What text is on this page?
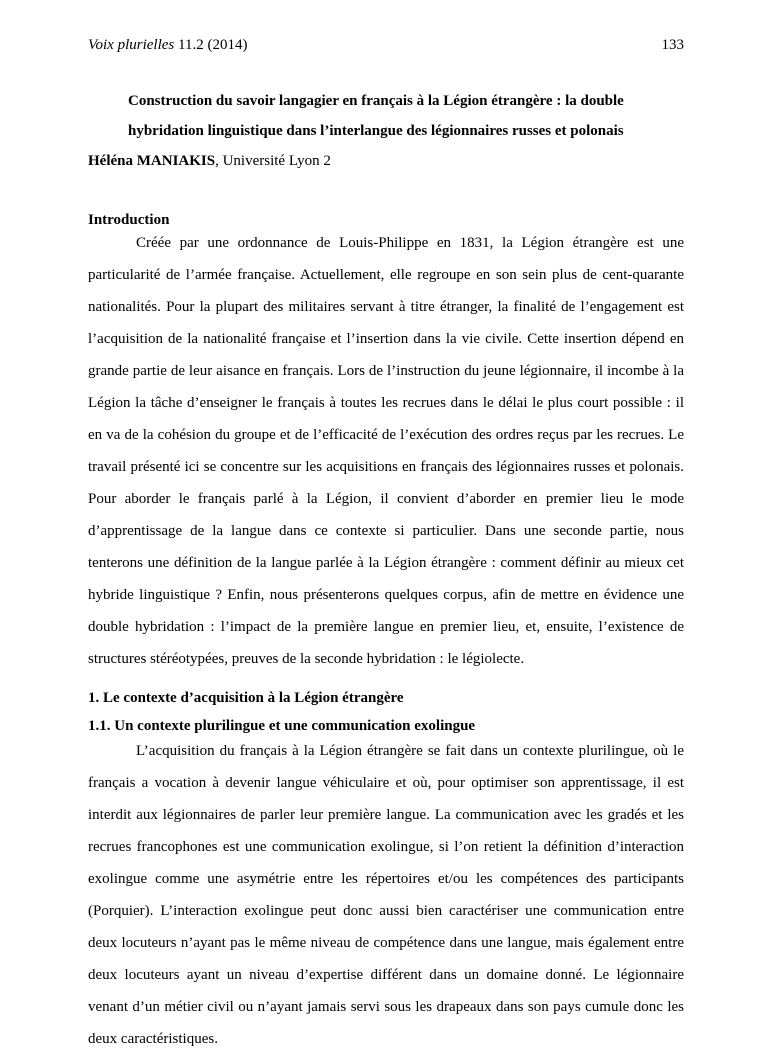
Voix plurielles 11.2 (2014)	133
Construction du savoir langagier en français à la Légion étrangère : la double hybridation linguistique dans l’interlangue des légionnaires russes et polonais
Héléna MANIAKIS, Université Lyon 2
Introduction

Créée par une ordonnance de Louis-Philippe en 1831, la Légion étrangère est une particularité de l’armée française. Actuellement, elle regroupe en son sein plus de cent-quarante nationalités. Pour la plupart des militaires servant à titre étranger, la finalité de l’engagement est l’acquisition de la nationalité française et l’insertion dans la vie civile. Cette insertion dépend en grande partie de leur aisance en français. Lors de l’instruction du jeune légionnaire, il incombe à la Légion la tâche d’enseigner le français à toutes les recrues dans le délai le plus court possible : il en va de la cohésion du groupe et de l’efficacité de l’exécution des ordres reçus par les recrues. Le travail présenté ici se concentre sur les acquisitions en français des légionnaires russes et polonais. Pour aborder le français parlé à la Légion, il convient d’aborder en premier lieu le mode d’apprentissage de la langue dans ce contexte si particulier. Dans une seconde partie, nous tenterons une définition de la langue parlée à la Légion étrangère : comment définir au mieux cet hybride linguistique ? Enfin, nous présenterons quelques corpus, afin de mettre en évidence une double hybridation : l’impact de la première langue en premier lieu, et, ensuite, l’existence de structures stéréotypées, preuves de la seconde hybridation : le légiolecte.

1. Le contexte d’acquisition à la Légion étrangère
1.1. Un contexte plurilingue et une communication exolingue

L’acquisition du français à la Légion étrangère se fait dans un contexte plurilingue, où le français a vocation à devenir langue véhiculaire et où, pour optimiser son apprentissage, il est interdit aux légionnaires de parler leur première langue. La communication avec les gradés et les recrues francophones est une communication exolingue, si l’on retient la définition d’interaction exolingue comme une asymétrie entre les répertoires et/ou les compétences des participants (Porquier). L’interaction exolingue peut donc aussi bien caractériser une communication entre deux locuteurs n’ayant pas le même niveau de compétence dans une langue, mais également entre deux locuteurs ayant un niveau d’expertise différent dans un domaine donné. Le légionnaire venant d’un métier civil ou n’ayant jamais servi sous les drapeaux dans son pays cumule donc les deux caractéristiques.
